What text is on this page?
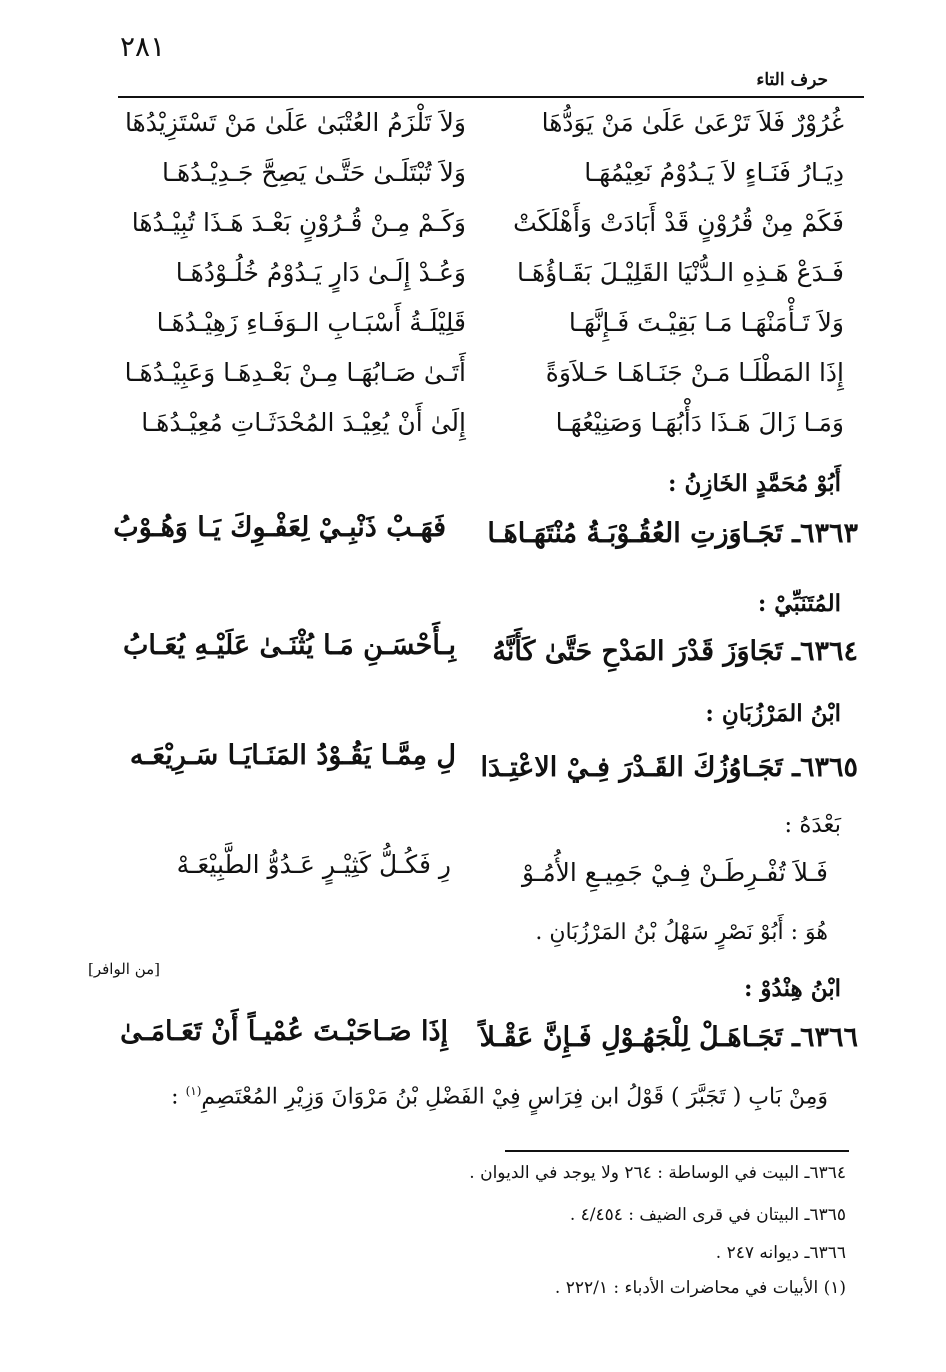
٢٨١
حرف التاء
غُرُوْرٌ فَلاَ تَرْعَىٰ عَلَىٰ مَنْ يَوَدُّهَا
وَلاَ تَلْزَمُ العُتْبَىٰ عَلَىٰ مَنْ تَسْتَزِيْدُهَا
دِيَـارُ فَنَـاءٍ لاَ يَـدُوْمُ نَعِيْمُهَـا
وَلاَ تُبْتَلَـىٰ حَتَّـىٰ يَصِحَّ جَـدِيْـدُهَـا
فَكَمْ مِنْ قُرُوْنٍ قَدْ أَبَادَتْ وَأَهْلَكَتْ
وَكَـمْ مِـنْ قُـرُوْنٍ بَعْـدَ هَـذَا تُبِيْـدُهَا
فَـدَعْ هَـذِهِ الـدُّنْيَا القَلِيْـلَ بَقَـاؤُهَـا
وَعُـدْ إِلَـىٰ دَارٍ يَـدُوْمُ خُلُـوْدُهَـا
وَلاَ تَـأْمَنْهَـا مَـا بَقِيْـتَ فَـإِنَّهَـا
قَلِيْلَـةُ أَسْبَـابِ الـوَفَـاءِ زَهِيْـدُهَـا
إِذَا المَطْلَـا مَـنْ جَنَـاهَـا حَـلاَوَةً
أَتَـىٰ صَـابُهَـا مِـنْ بَعْـدِهَـا وَعَبِيْـدُهَـا
وَمَـا زَالَ هَـذَا دَأْبُهَـا وَصَنِيْعُهَـا
إِلَىٰ أَنْ يُعِيْـدَ المُحْدَثَـاتِ مُعِيْـدُهَـا
أَبُوْ مُحَمَّدٍ الخَازِنُ :
٦٣٦٣ـ تَجَـاوَزتِ العُقُـوْبَـةُ مُنْتَهَـاهَـا
فَهَـبْ ذَنْبِـيْ لِعَفْـوِكَ يَـا وَهُـوْبُ
المُتَنَبِّيْ :
٦٣٦٤ـ تَجَاوَزَ قَدْرَ المَدْحِ حَتَّىٰ كَأَنَّهُ
بِـأَحْسَـنِ مَـا يُثْنَـىٰ عَلَيْـهِ يُعَـابُ
ابْنُ المَرْزُبَانِ :
٦٣٦٥ـ تَجَـاوُزُكَ القَـدْرَ فِـيْ الاعْتِـدَا
لِ مِمَّـا يَقُـوْدُ المَنَـايَـا سَـرِيْعَـه
بَعْدَهُ :
فَـلاَ تُفْـرِطَـنْ فِـيْ جَمِيـعِ الأُمُـوْ
رِ فَكُـلُّ كَثِيْـرٍ عَـدُوُّ الطَّبِيْعَـهْ
هُوَ : أَبُوْ نَصْرٍ سَهْلُ بْنُ المَرْزُبَانِ .
[من الوافر]
ابْنُ هِنْدُوْ :
٦٣٦٦ـ تَجَـاهَـلْ لِلْجَهُـوْلِ فَـإِنَّ عَقْـلاً
إِذَا صَـاحَبْـتَ عُمْيـاً أَنْ تَعَـامَـىٰ
وَمِنْ بَابِ ( تَجَبَّرَ ) قَوْلُ ابن فِرَاسٍ فِيْ الفَضْلِ بْنُ مَرْوَانَ وَزِيْرِ المُعْتَصِمِ$^{(١)}$ :
٦٣٦٤ـ البيت في الوساطة : ٢٦٤ ولا يوجد في الديوان .
٦٣٦٥ـ البيتان في قرى الضيف : ٤/٤٥٤ .
٦٣٦٦ـ ديوانه ٢٤٧ .
(١) الأبيات في محاضرات الأدباء : ٢٢٢/١ .
